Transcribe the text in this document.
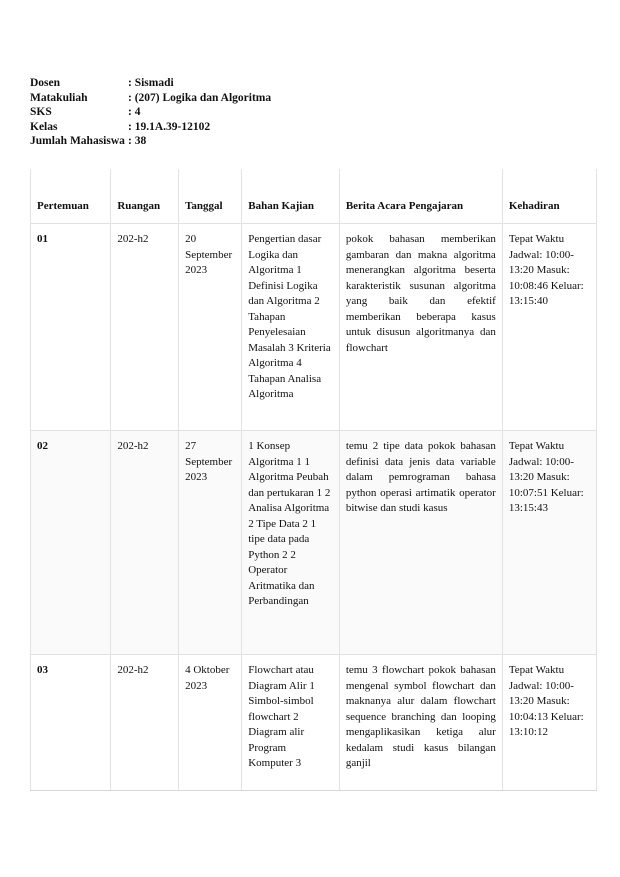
Dosen	: Sismadi
Matakuliah	: (207) Logika dan Algoritma
SKS	: 4
Kelas	: 19.1A.39-12102
Jumlah Mahasiswa : 38
Pertemuan	Ruangan	Tanggal	Bahan Kajian	Berita Acara Pengajaran	Kehadiran
01	202-h2	20 September 2023	Pengertian dasar Logika dan Algoritma 1 Definisi Logika dan Algoritma 2 Tahapan Penyelesaian Masalah 3 Kriteria Algoritma 4 Tahapan Analisa Algoritma	pokok bahasan memberikan gambaran dan makna algoritma menerangkan algoritma beserta karakteristik susunan algoritma yang baik dan efektif memberikan beberapa kasus untuk disusun algoritmanya dan flowchart	Tepat Waktu Jadwal: 10:00-13:20 Masuk: 10:08:46 Keluar: 13:15:40
02	202-h2	27 September 2023	1 Konsep Algoritma 1 1 Algoritma Peubah dan pertukaran 1 2 Analisa Algoritma 2 Tipe Data 2 1 tipe data pada Python 2 2 Operator Aritmatika dan Perbandingan	temu 2 tipe data pokok bahasan definisi data jenis data variable dalam pemrograman bahasa python operasi artimatik operator bitwise dan studi kasus	Tepat Waktu Jadwal: 10:00-13:20 Masuk: 10:07:51 Keluar: 13:15:43
03	202-h2	4 Oktober 2023	Flowchart atau Diagram Alir 1 Simbol-simbol flowchart 2 Diagram alir Program Komputer 3	temu 3 flowchart pokok bahasan mengenal symbol flowchart dan maknanya alur dalam flowchart sequence branching dan looping mengaplikasikan ketiga alur kedalam studi kasus bilangan ganjil	Tepat Waktu Jadwal: 10:00-13:20 Masuk: 10:04:13 Keluar: 13:10:12
